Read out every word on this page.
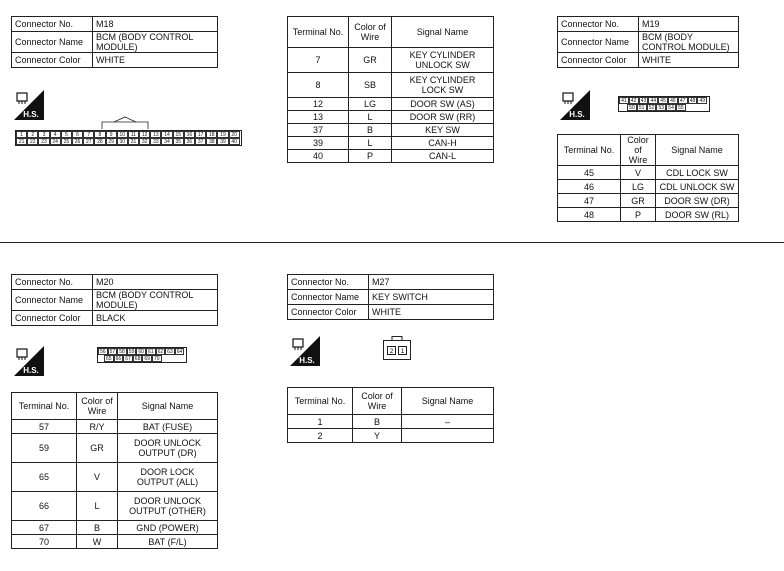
Connector No.	M18
Connector Name	BCM (BODY CONTROL MODULE)
Connector Color	WHITE
H.S.
1	2	3	4	5	6	7	8	9	10	11	12	13	14	15	16	17	18	19	20
21	22	23	24	25	26	27	28	29	30	31	32	33	34	35	36	37	38	39	40
Terminal No.	Color of Wire	Signal Name
7	GR	KEY CYLINDER
UNLOCK SW
8	SB	KEY CYLINDER
LOCK SW
12	LG	DOOR SW (AS)
13	L	DOOR SW (RR)
37	B	KEY SW
39	L	CAN-H
40	P	CAN-L
Connector No.	M19
Connector Name	BCM (BODY CONTROL MODULE)
Connector Color	WHITE
H.S.
41 42 43 44 45 46 47 48 49
50 51 52 53 54 55
Terminal No.	Color of Wire	Signal Name
45	V	CDL LOCK SW
46	LG	CDL UNLOCK SW
47	GR	DOOR SW (DR)
48	P	DOOR SW (RL)
Connector No.	M20
Connector Name	BCM (BODY CONTROL MODULE)
Connector Color	BLACK
H.S.
56 57 58 59 60 61 62 63 64
65 66 67 68 69 70
Terminal No.	Color of Wire	Signal Name
57	R/Y	BAT (FUSE)
59	GR	DOOR UNLOCK
OUTPUT (DR)
65	V	DOOR LOCK
OUTPUT (ALL)
66	L	DOOR UNLOCK
OUTPUT (OTHER)
67	B	GND (POWER)
70	W	BAT (F/L)
Connector No.	M27
Connector Name	KEY SWITCH
Connector Color	WHITE
H.S.
2 1
Terminal No.	Color of Wire	Signal Name
1	B	–
2	Y	
